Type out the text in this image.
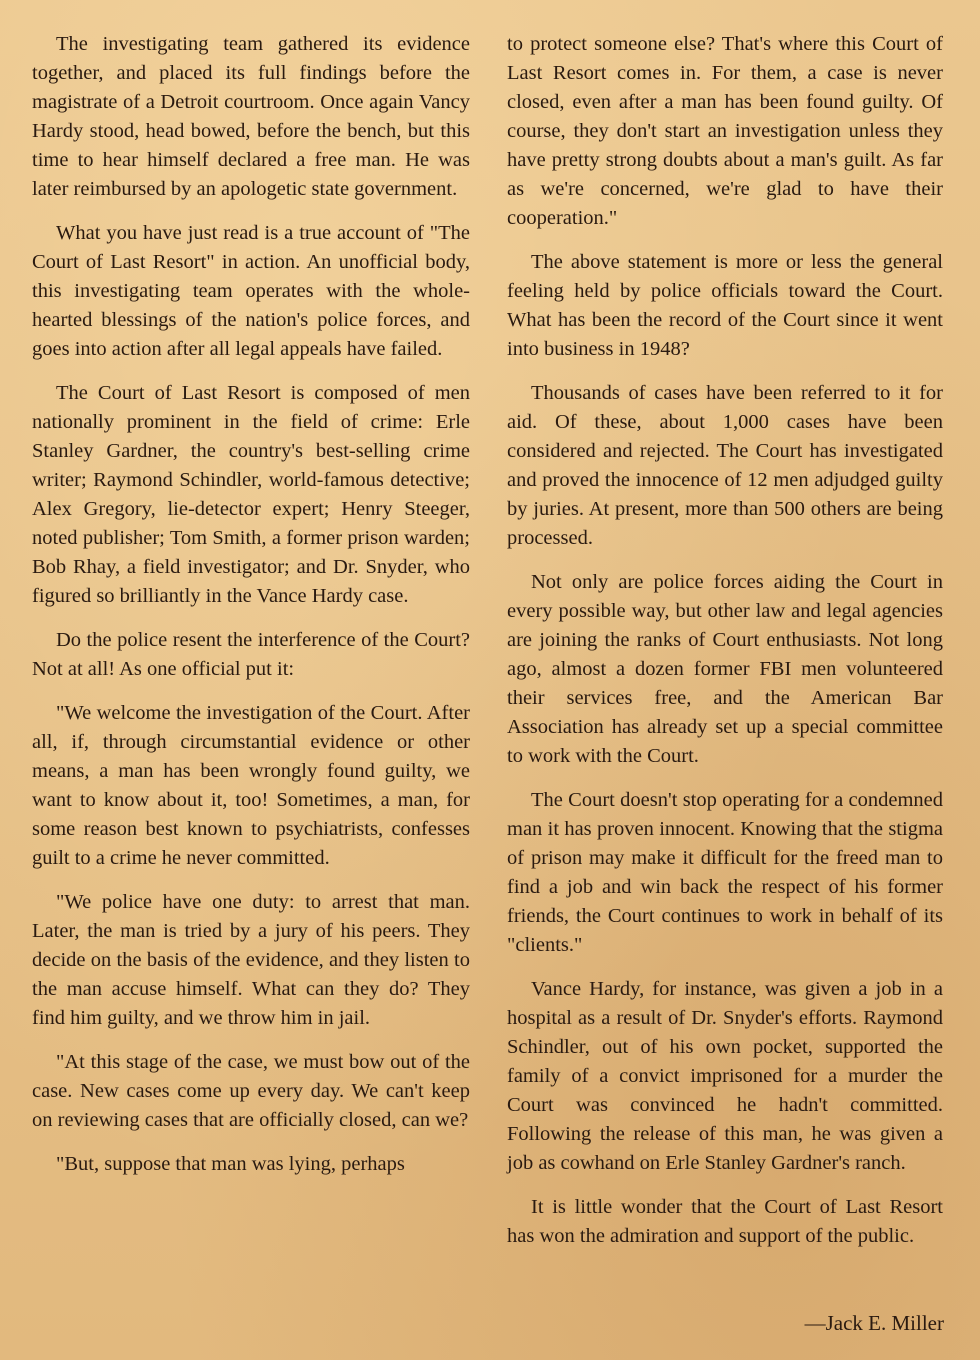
The investigating team gathered its evidence together, and placed its full findings before the magistrate of a Detroit courtroom. Once again Vancy Hardy stood, head bowed, before the bench, but this time to hear himself declared a free man. He was later reimbursed by an apologetic state government.

What you have just read is a true account of "The Court of Last Resort" in action. An unofficial body, this investigating team operates with the whole-hearted blessings of the nation's police forces, and goes into action after all legal appeals have failed.

The Court of Last Resort is composed of men nationally prominent in the field of crime: Erle Stanley Gardner, the country's best-selling crime writer; Raymond Schindler, world-famous detective; Alex Gregory, lie-detector expert; Henry Steeger, noted publisher; Tom Smith, a former prison warden; Bob Rhay, a field investigator; and Dr. Snyder, who figured so brilliantly in the Vance Hardy case.

Do the police resent the interference of the Court? Not at all! As one official put it:

"We welcome the investigation of the Court. After all, if, through circumstantial evidence or other means, a man has been wrongly found guilty, we want to know about it, too! Sometimes, a man, for some reason best known to psychiatrists, confesses guilt to a crime he never committed.

"We police have one duty: to arrest that man. Later, the man is tried by a jury of his peers. They decide on the basis of the evidence, and they listen to the man accuse himself. What can they do? They find him guilty, and we throw him in jail.

"At this stage of the case, we must bow out of the case. New cases come up every day. We can't keep on reviewing cases that are officially closed, can we?

"But, suppose that man was lying, perhaps

to protect someone else? That's where this Court of Last Resort comes in. For them, a case is never closed, even after a man has been found guilty. Of course, they don't start an investigation unless they have pretty strong doubts about a man's guilt. As far as we're concerned, we're glad to have their cooperation."

The above statement is more or less the general feeling held by police officials toward the Court. What has been the record of the Court since it went into business in 1948?

Thousands of cases have been referred to it for aid. Of these, about 1,000 cases have been considered and rejected. The Court has investigated and proved the innocence of 12 men adjudged guilty by juries. At present, more than 500 others are being processed.

Not only are police forces aiding the Court in every possible way, but other law and legal agencies are joining the ranks of Court enthusiasts. Not long ago, almost a dozen former FBI men volunteered their services free, and the American Bar Association has already set up a special committee to work with the Court.

The Court doesn't stop operating for a condemned man it has proven innocent. Knowing that the stigma of prison may make it difficult for the freed man to find a job and win back the respect of his former friends, the Court continues to work in behalf of its "clients."

Vance Hardy, for instance, was given a job in a hospital as a result of Dr. Snyder's efforts. Raymond Schindler, out of his own pocket, supported the family of a convict imprisoned for a murder the Court was convinced he hadn't committed. Following the release of this man, he was given a job as cowhand on Erle Stanley Gardner's ranch.

It is little wonder that the Court of Last Resort has won the admiration and support of the public.

—Jack E. Miller
